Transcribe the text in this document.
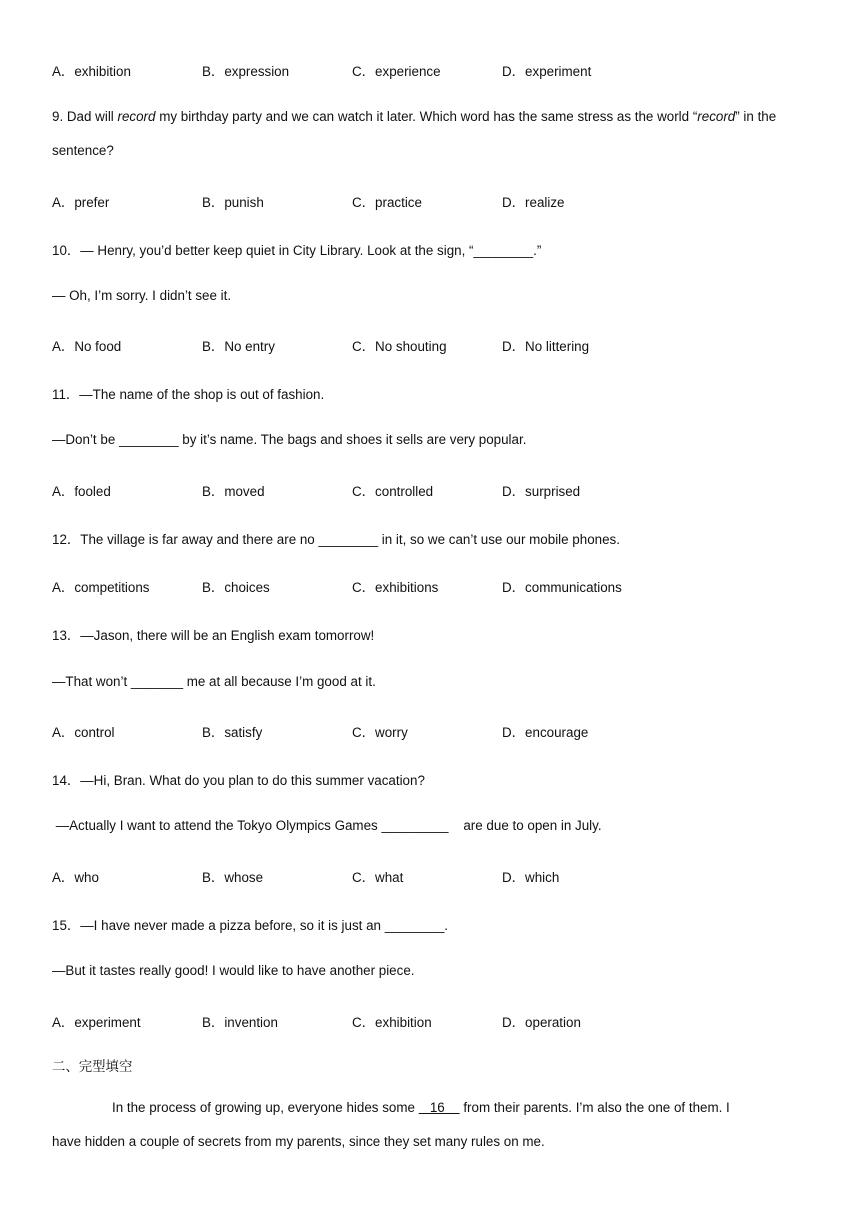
A．exhibition	B．expression	C．experience	D．experiment
9. Dad will record my birthday party and we can watch it later. Which word has the same stress as the world “record” in the
sentence?
A．prefer	B．punish	C．practice	D．realize
10．— Henry, you’d better keep quiet in City Library. Look at the sign, “________.”
— Oh, I’m sorry. I didn’t see it.
A．No food	B．No entry	C．No shouting	D．No littering
11．—The name of the shop is out of fashion.
—Don’t be ________ by it’s name. The bags and shoes it sells are very popular.
A．fooled	B．moved	C．controlled	D．surprised
12．The village is far away and there are no ________ in it, so we can’t use our mobile phones.
A．competitions	B．choices	C．exhibitions	D．communications
13．—Jason, there will be an English exam tomorrow!
—That won’t _______ me at all because I’m good at it.
A．control	B．satisfy	C．worry	D．encourage
14．—Hi, Bran. What do you plan to do this summer vacation?
—Actually I want to attend the Tokyo Olympics Games _________    are due to open in July.
A．who	B．whose	C．what	D．which
15．—I have never made a pizza before, so it is just an ________.
—But it tastes really good! I would like to have another piece.
A．experiment	B．invention	C．exhibition	D．operation
二、完型填空
In the process of growing up, everyone hides some    16     from their parents. I’m also the one of them. I
have hidden a couple of secrets from my parents, since they set many rules on me.
